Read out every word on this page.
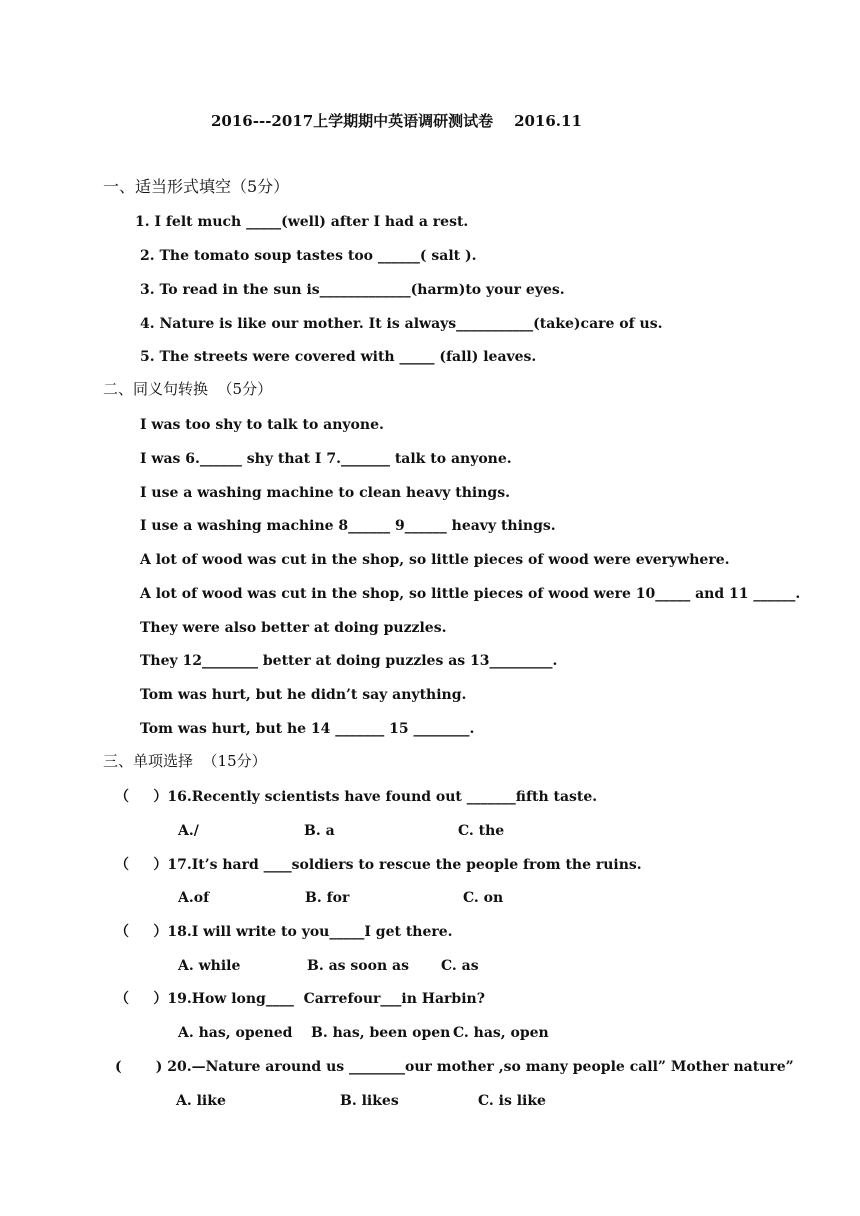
2016---2017上学期期中英语调研测试卷    2016.11
一、适当形式填空（5分）
1. I felt much _____(well) after I had a rest.
2. The tomato soup tastes too ______( salt ).
3. To read in the sun is_____________(harm)to your eyes.
4. Nature is like our mother. It is always___________(take)care of us.
5. The streets were covered with _____ (fall) leaves.
二、同义句转换  （5分）
I was too shy to talk to anyone.
I was 6.______ shy that I 7._______ talk to anyone.
I use a washing machine to clean heavy things.
I use a washing machine 8______ 9______ heavy things.
A lot of wood was cut in the shop, so little pieces of wood were everywhere.
A lot of wood was cut in the shop, so little pieces of wood were 10_____ and 11 ______.
They were also better at doing puzzles.
They 12________ better at doing puzzles as 13_________.
Tom was hurt, but he didn’t say anything.
Tom was hurt, but he 14 _______ 15 ________.
三、单项选择  （15分）
（     ）16.Recently scientists have found out _______fifth taste.
A./	B. a	C. the
（     ）17.It’s hard ____soldiers to rescue the people from the ruins.
A.of	B. for	C. on
（     ）18.I will write to you_____I get there.
A. while	B. as soon as C. as
（     ）19.How long____  Carrefour___in Harbin?
A. has, opened B. has, been open C. has, open
(       ) 20.—Nature around us ________our mother ,so many people call” Mother nature”
A. like	B. likes	C. is like
